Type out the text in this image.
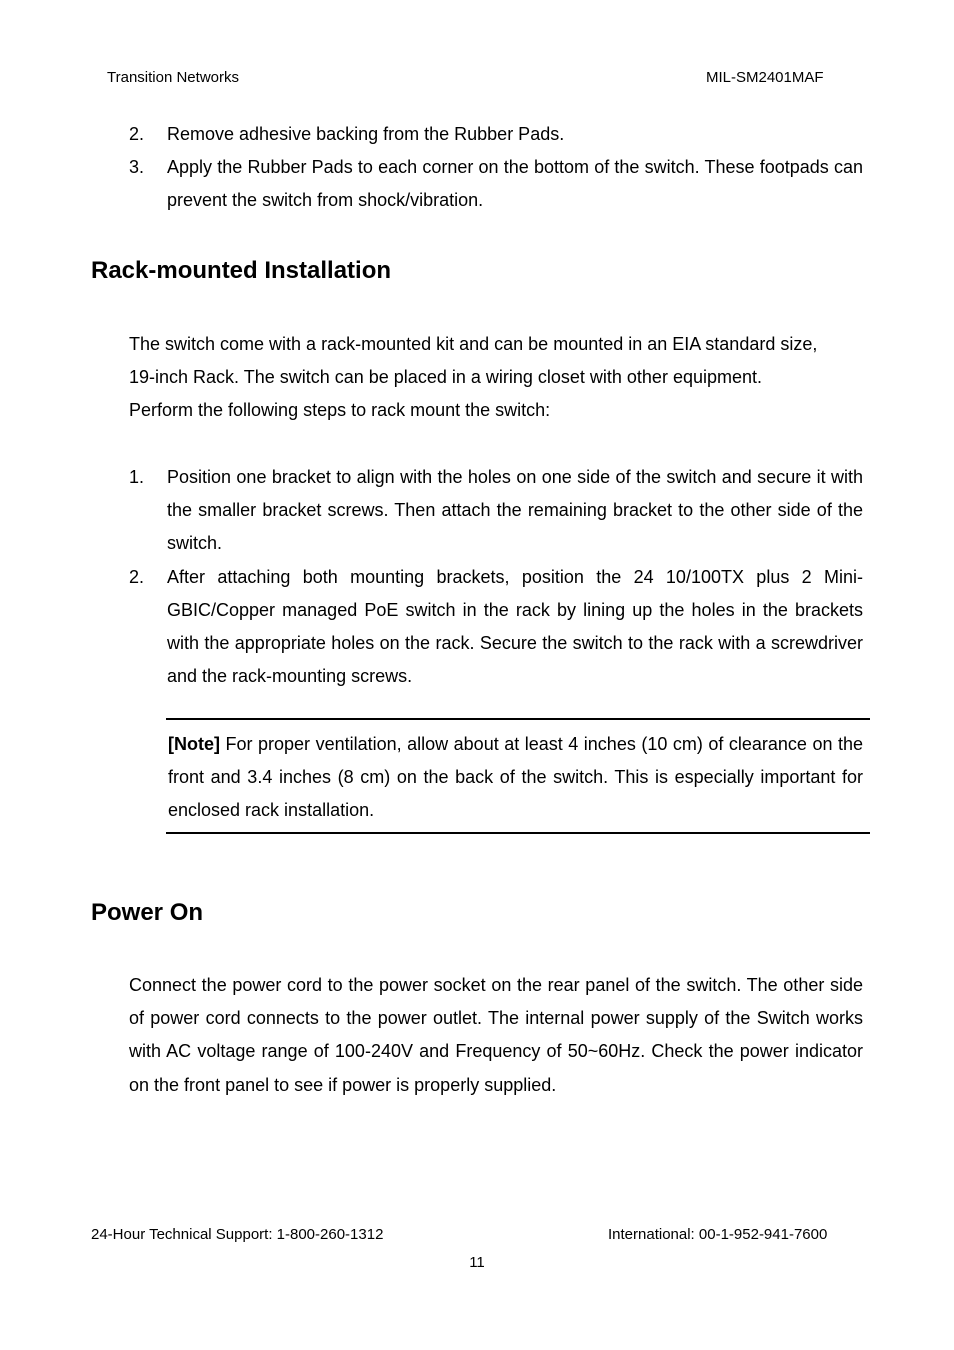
Transition Networks	MIL-SM2401MAF
2. Remove adhesive backing from the Rubber Pads.
3. Apply the Rubber Pads to each corner on the bottom of the switch. These footpads can prevent the switch from shock/vibration.
Rack-mounted Installation
The switch come with a rack-mounted kit and can be mounted in an EIA standard size,
19-inch Rack. The switch can be placed in a wiring closet with other equipment.
Perform the following steps to rack mount the switch:
1. Position one bracket to align with the holes on one side of the switch and secure it with the smaller bracket screws. Then attach the remaining bracket to the other side of the switch.
2. After attaching both mounting brackets, position the 24 10/100TX plus 2 Mini-GBIC/Copper managed PoE switch in the rack by lining up the holes in the brackets with the appropriate holes on the rack. Secure the switch to the rack with a screwdriver and the rack-mounting screws.
[Note] For proper ventilation, allow about at least 4 inches (10 cm) of clearance on the front and 3.4 inches (8 cm) on the back of the switch. This is especially important for enclosed rack installation.
Power On
Connect the power cord to the power socket on the rear panel of the switch. The other side of power cord connects to the power outlet. The internal power supply of the Switch works with AC voltage range of 100-240V and Frequency of 50~60Hz. Check the power indicator on the front panel to see if power is properly supplied.
24-Hour Technical Support: 1-800-260-1312	International: 00-1-952-941-7600
11
